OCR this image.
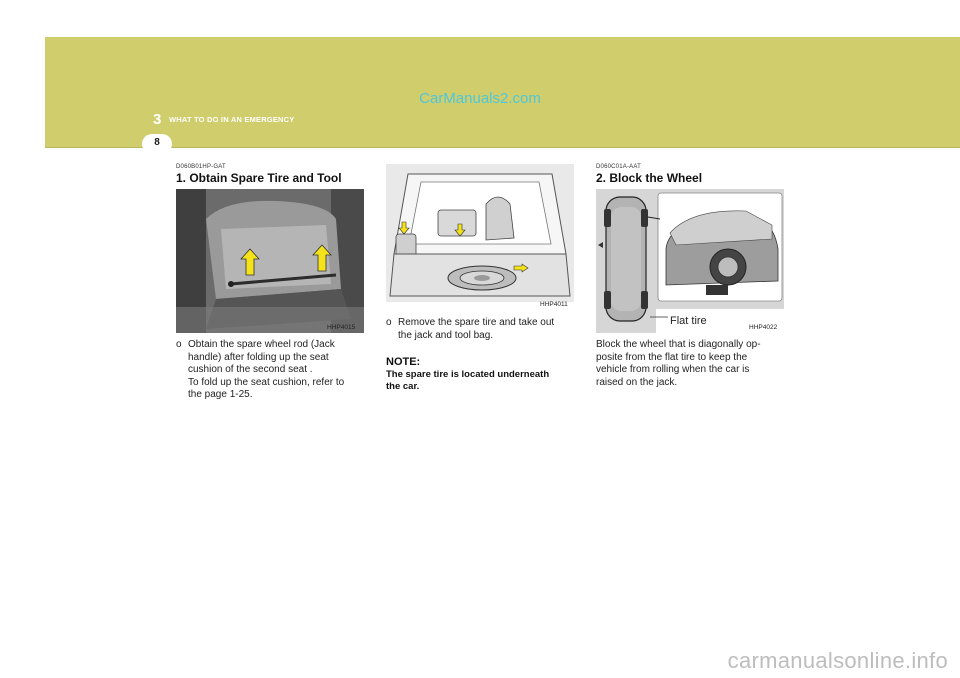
CarManuals2.com
3 WHAT TO DO IN AN EMERGENCY
8
D060B01HP-GAT
1. Obtain Spare Tire and Tool
HHP4015
o Obtain the spare wheel rod (Jack
handle) after folding up the seat
cushion of the second seat .
To fold up the seat cushion, refer to
the page 1-25.
HHP4011
o Remove the spare tire and take out
the jack and tool bag.
NOTE:
The spare tire is located underneath
the car.
D060C01A-AAT
2. Block the Wheel
Flat tire
HHP4022
Block the wheel that is diagonally op-
posite from the flat tire to keep the
vehicle from rolling when the car is
raised on the jack.
carmanualsonline.info
